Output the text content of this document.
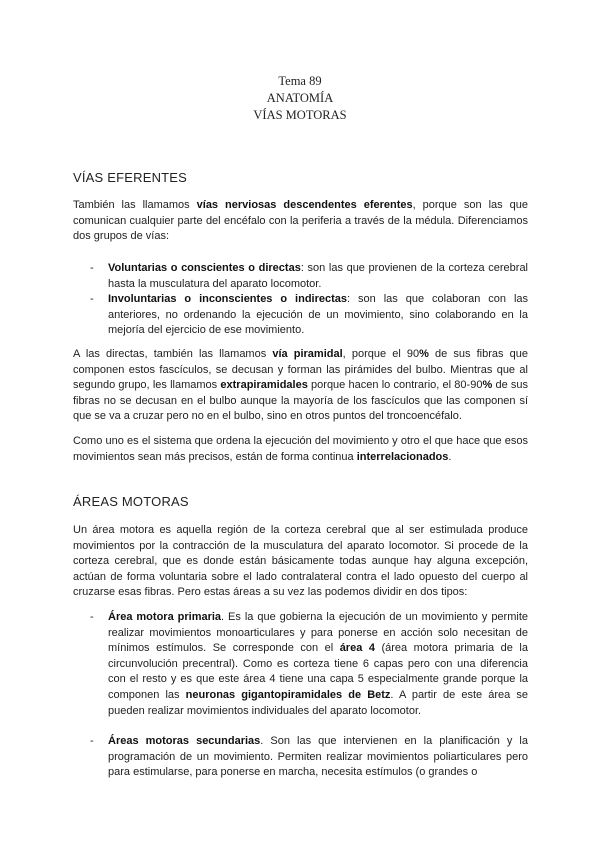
Tema 89
ANATOMÍA
VÍAS MOTORAS
VÍAS EFERENTES
También las llamamos vías nerviosas descendentes eferentes, porque son las que comunican cualquier parte del encéfalo con la periferia a través de la médula. Diferenciamos dos grupos de vías:
- Voluntarias o conscientes o directas: son las que provienen de la corteza cerebral hasta la musculatura del aparato locomotor.
- Involuntarias o inconscientes o indirectas: son las que colaboran con las anteriores, no ordenando la ejecución de un movimiento, sino colaborando en la mejoría del ejercicio de ese movimiento.
A las directas, también las llamamos vía piramidal, porque el 90% de sus fibras que componen estos fascículos, se decusan y forman las pirámides del bulbo. Mientras que al segundo grupo, les llamamos extrapiramidales porque hacen lo contrario, el 80-90% de sus fibras no se decusan en el bulbo aunque la mayoría de los fascículos que las componen sí que se va a cruzar pero no en el bulbo, sino en otros puntos del troncoencéfalo.
Como uno es el sistema que ordena la ejecución del movimiento y otro el que hace que esos movimientos sean más precisos, están de forma continua interrelacionados.
ÁREAS MOTORAS
Un área motora es aquella región de la corteza cerebral que al ser estimulada produce movimientos por la contracción de la musculatura del aparato locomotor. Si procede de la corteza cerebral, que es donde están básicamente todas aunque hay alguna excepción, actúan de forma voluntaria sobre el lado contralateral contra el lado opuesto del cuerpo al cruzarse esas fibras. Pero estas áreas a su vez las podemos dividir en dos tipos:
- Área motora primaria. Es la que gobierna la ejecución de un movimiento y permite realizar movimientos monoarticulares y para ponerse en acción solo necesitan de mínimos estímulos. Se corresponde con el área 4 (área motora primaria de la circunvolución precentral). Como es corteza tiene 6 capas pero con una diferencia con el resto y es que este área 4 tiene una capa 5 especialmente grande porque la componen las neuronas gigantopiramidales de Betz. A partir de este área se pueden realizar movimientos individuales del aparato locomotor.
- Áreas motoras secundarias. Son las que intervienen en la planificación y la programación de un movimiento. Permiten realizar movimientos poliarticulares pero para estimularse, para ponerse en marcha, necesita estímulos (o grandes o
